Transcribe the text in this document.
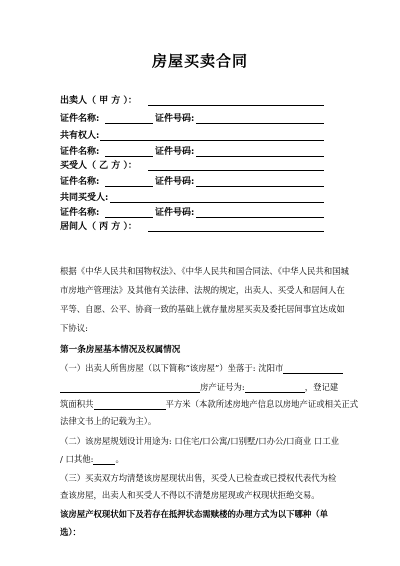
房屋买卖合同
出卖人（ 甲 方 ）：
证件名称:	证件号码:
共有权人:
证件名称:	证件号码:
买受人（ 乙 方 ）：
证件名称:	证件号码:
共同买受人:
证件名称:	证件号码:
居间人（ 丙 方 ）：
根据《中华人民共和国物权法》、《中华人民共和国合同法、《中华人民共和国城市房地产管理法》及其他有关法律、法规的规定，出卖人、买受人和居间人在平等、自愿、公平、协商一致的基础上就存量房屋买卖及委托居间事宜达成如下协议:
第一条房屋基本情况及权属情况
（一）出卖人所售房屋（以下简称“该房屋”）坐落于: 沈阳市
房产证号为:	，登记建
筑面积共	平方米（本款所述房地产信息以房地产证或相关正式
法律文书上的记载为主）。
（二）该房屋规划设计用途为: 口住宅/口公寓/口别墅/口办公/口商业 口工业
/ 口其他:	。
（三）买卖双方均清楚该房屋现状出售，买受人已检查或已授权代表代为检
查该房屋，出卖人和买受人不得以不清楚房屋现或产权现状拒绝交易。
该房屋产权现状如下及若存在抵押状态需赎楼的办理方式为以下哪种（单
选）：
